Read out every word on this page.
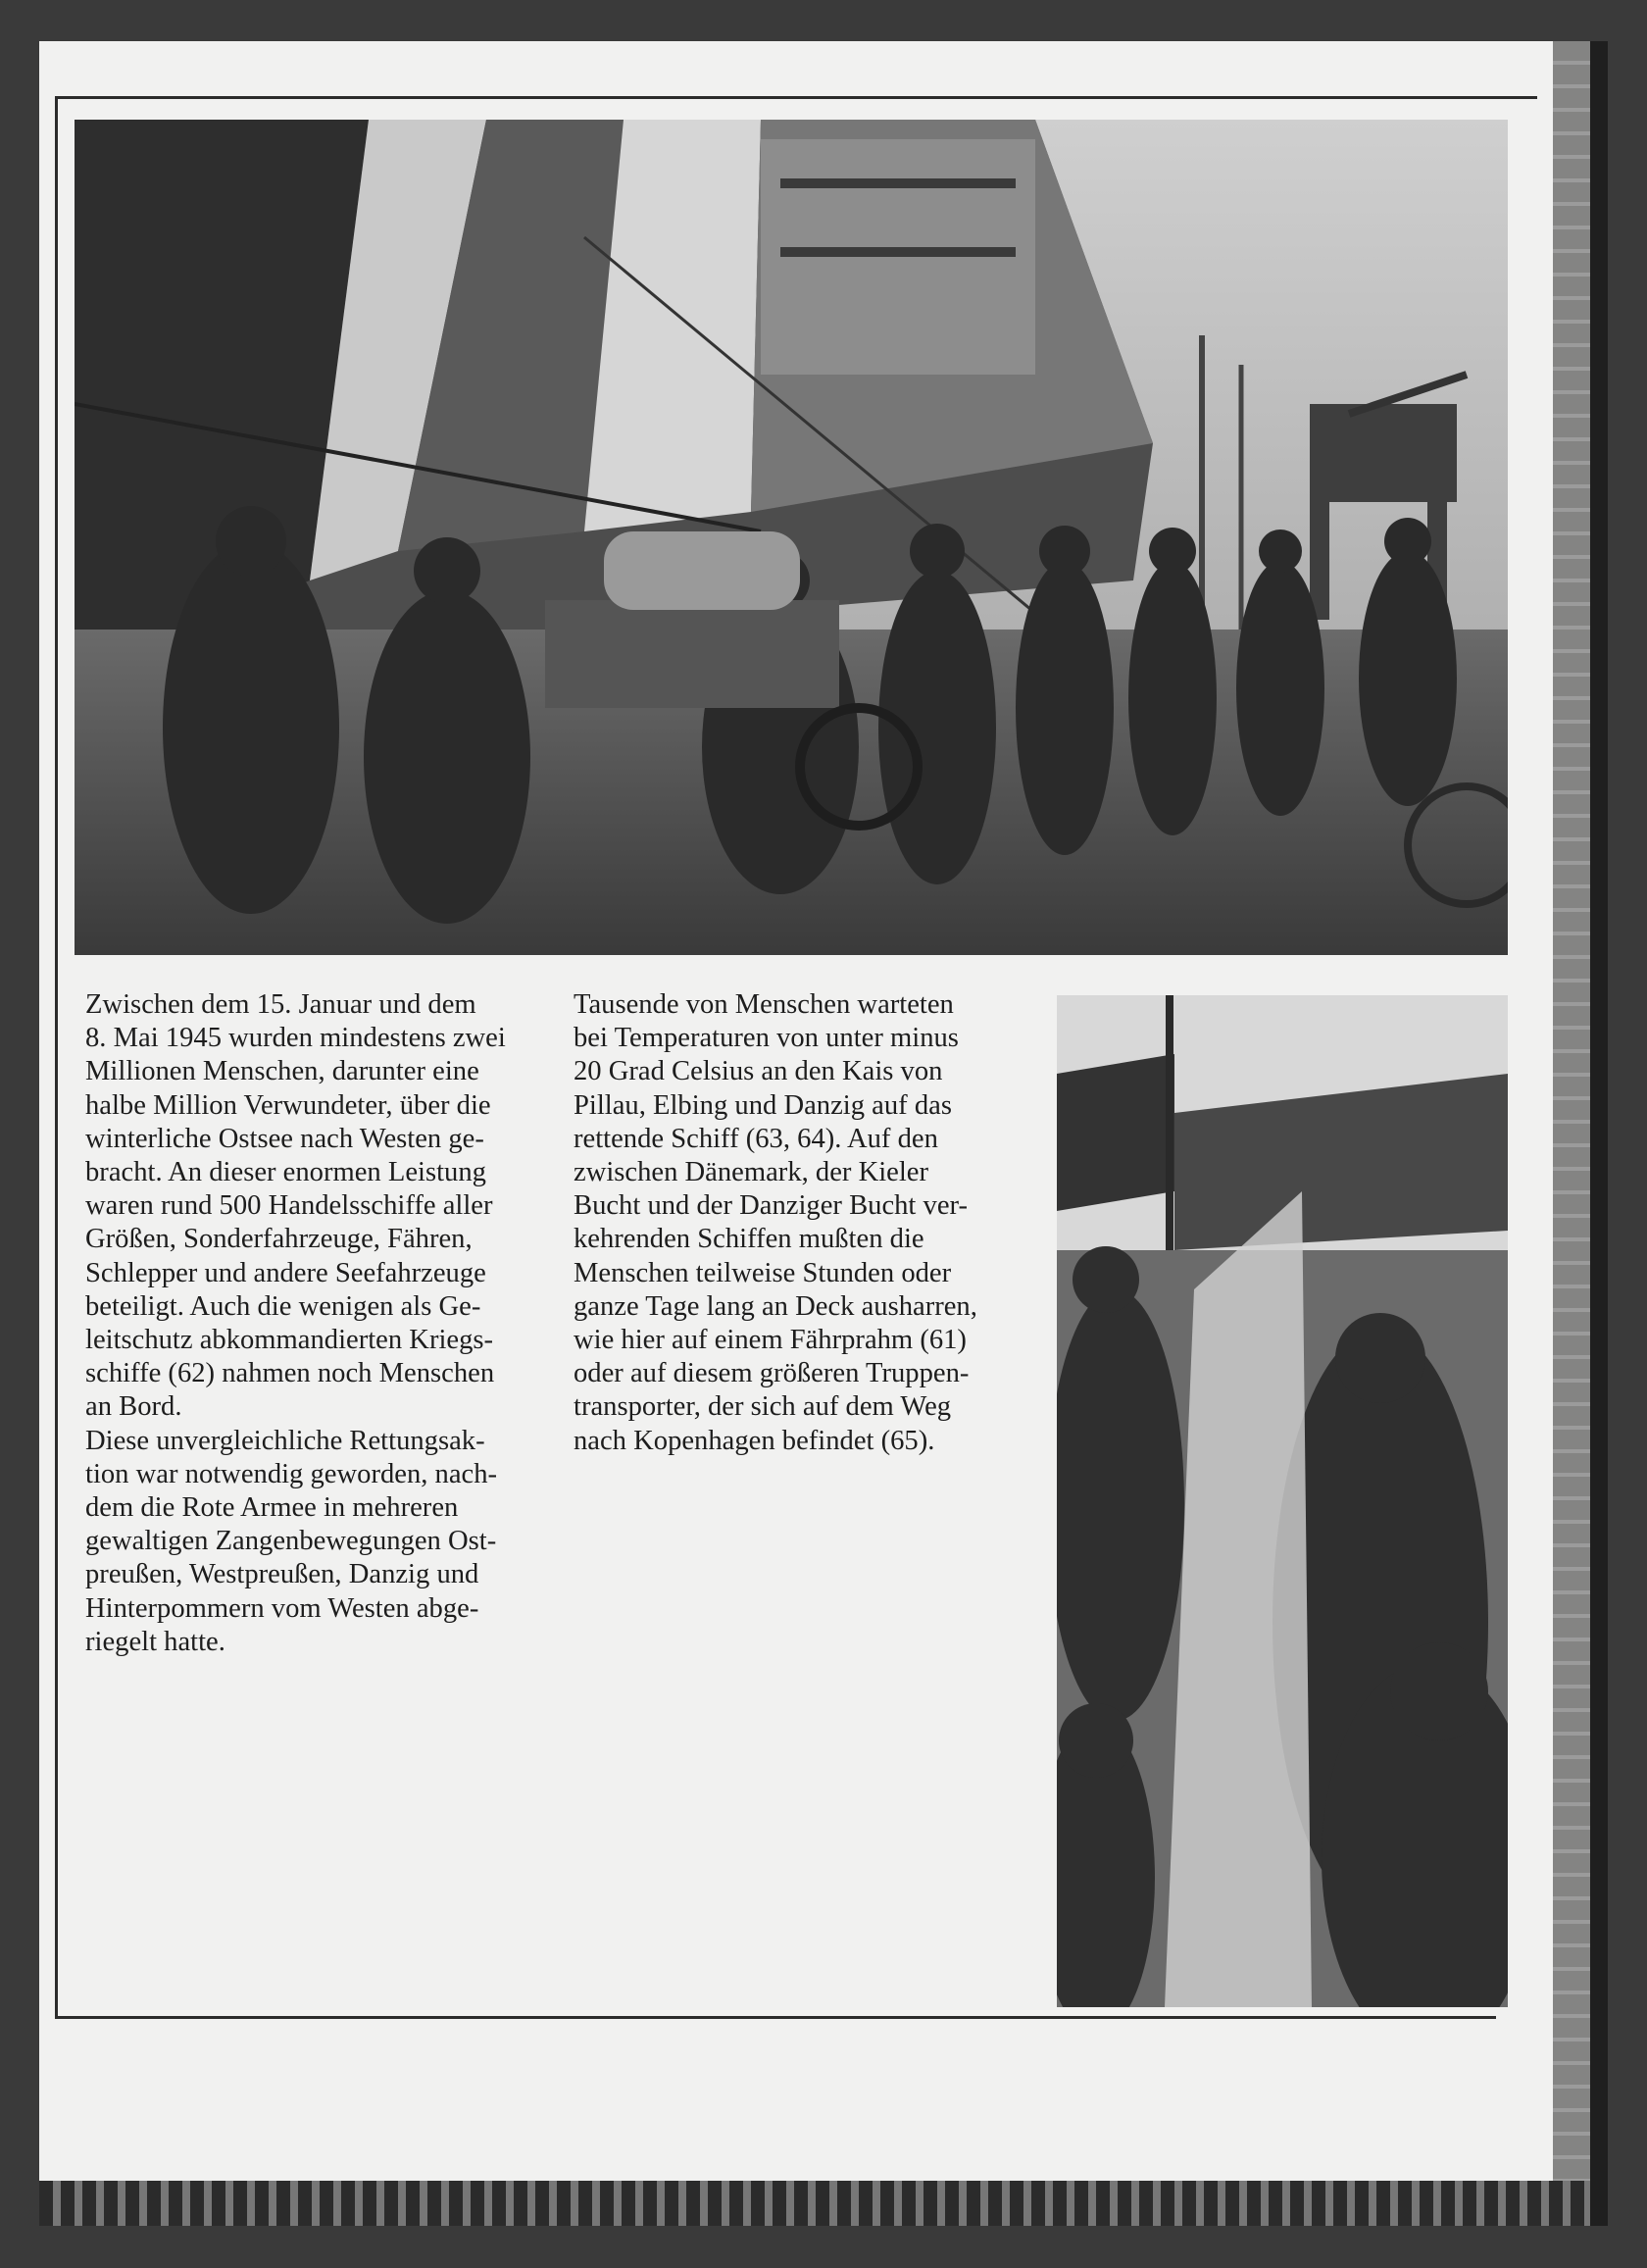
Zwischen dem 15. Januar und dem
8. Mai 1945 wurden mindestens zwei
Millionen Menschen, darunter eine
halbe Million Verwundeter, über die
winterliche Ostsee nach Westen ge-
bracht. An dieser enormen Leistung
waren rund 500 Handelsschiffe aller
Größen, Sonderfahrzeuge, Fähren,
Schlepper und andere Seefahrzeuge
beteiligt. Auch die wenigen als Ge-
leitschutz abkommandierten Kriegs-
schiffe (62) nahmen noch Menschen
an Bord.
Diese unvergleichliche Rettungsak-
tion war notwendig geworden, nach-
dem die Rote Armee in mehreren
gewaltigen Zangenbewegungen Ost-
preußen, Westpreußen, Danzig und
Hinterpommern vom Westen abge-
riegelt hatte.
Tausende von Menschen warteten
bei Temperaturen von unter minus
20 Grad Celsius an den Kais von
Pillau, Elbing und Danzig auf das
rettende Schiff (63, 64). Auf den
zwischen Dänemark, der Kieler
Bucht und der Danziger Bucht ver-
kehrenden Schiffen mußten die
Menschen teilweise Stunden oder
ganze Tage lang an Deck ausharren,
wie hier auf einem Fährprahm (61)
oder auf diesem größeren Truppen-
transporter, der sich auf dem Weg
nach Kopenhagen befindet (65).
